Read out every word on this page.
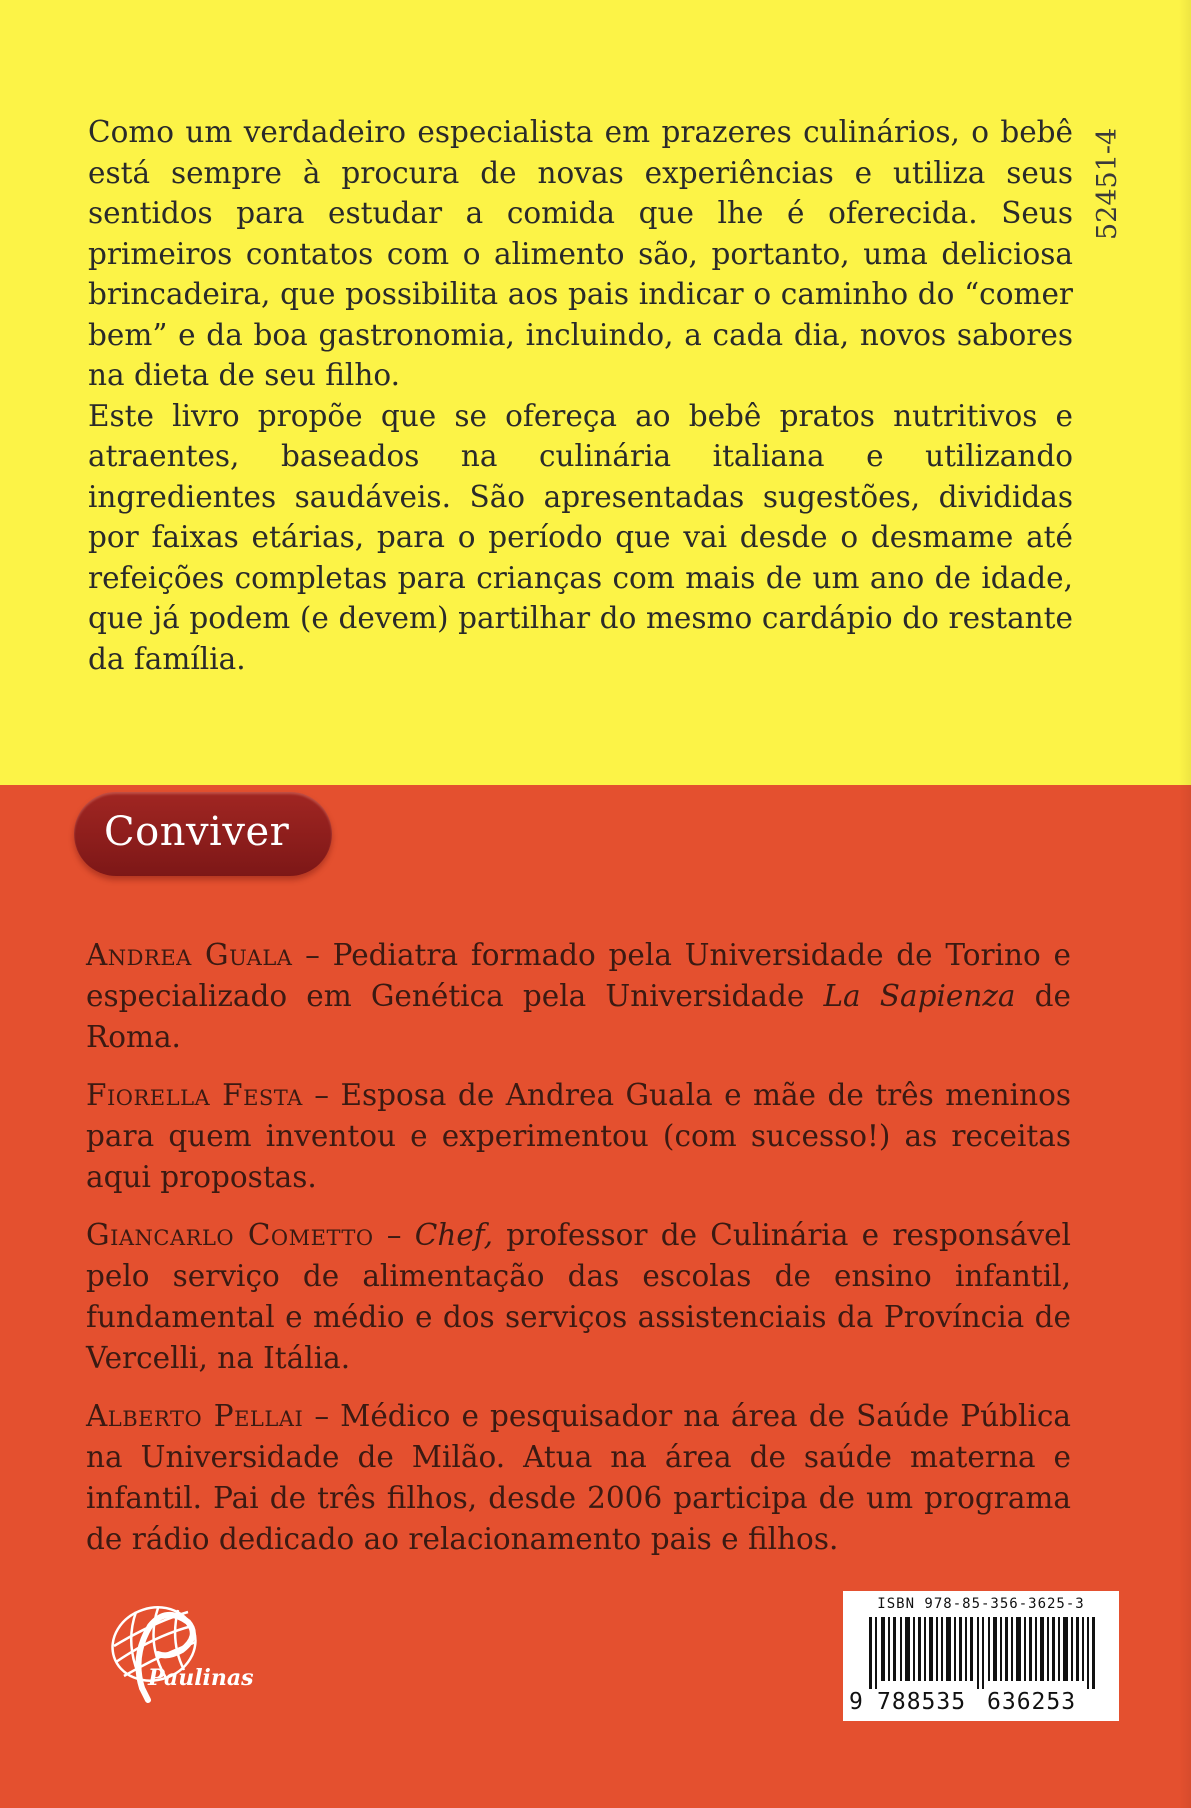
Como um verdadeiro especialista em prazeres culinários, o bebê está sempre à procura de novas experiências e utiliza seus sentidos para estudar a comida que lhe é oferecida. Seus primeiros contatos com o alimento são, portanto, uma deliciosa brincadeira, que possibilita aos pais indicar o caminho do “comer bem” e da boa gastronomia, incluindo, a cada dia, novos sabores na dieta de seu filho.

Este livro propõe que se ofereça ao bebê pratos nutritivos e atraentes, baseados na culinária italiana e utilizando ingredientes saudáveis. São apresentadas sugestões, divididas por faixas etárias, para o período que vai desde o desmame até refeições completas para crianças com mais de um ano de idade, que já podem (e devem) partilhar do mesmo cardápio do restante da família.

52451-4
Conviver

Andrea Guala – Pediatra formado pela Universidade de Torino e especializado em Genética pela Universidade La Sapienza de Roma.

Fiorella Festa – Esposa de Andrea Guala e mãe de três meninos para quem inventou e experimentou (com sucesso!) as receitas aqui propostas.

Giancarlo Cometto – Chef, professor de Culinária e responsável pelo serviço de alimentação das escolas de ensino infantil, fundamental e médio e dos serviços assistenciais da Província de Vercelli, na Itália.

Alberto Pellai – Médico e pesquisador na área de Saúde Pública na Universidade de Milão. Atua na área de saúde materna e infantil. Pai de três filhos, desde 2006 participa de um programa de rádio dedicado ao relacionamento pais e filhos.

Paulinas
ISBN 978-85-356-3625-3
9 788535 636253
